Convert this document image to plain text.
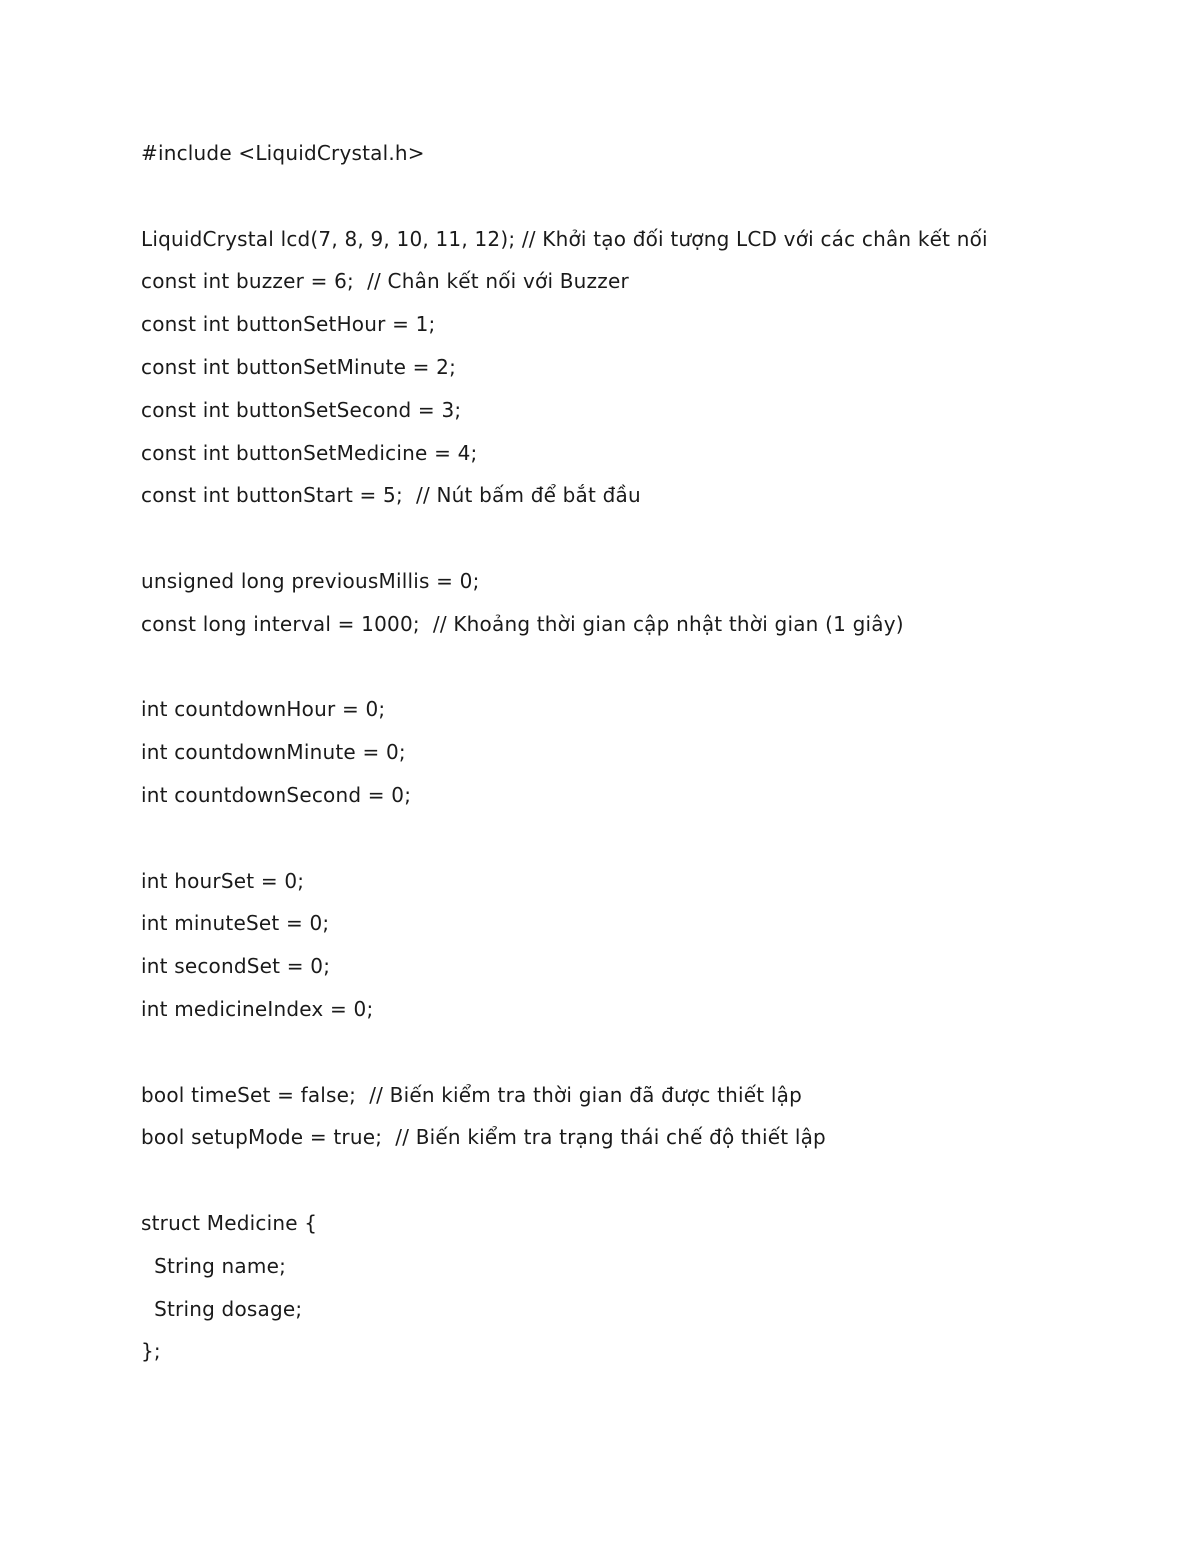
#include <LiquidCrystal.h>
LiquidCrystal lcd(7, 8, 9, 10, 11, 12); // Khởi tạo đối tượng LCD với các chân kết nối
const int buzzer = 6;  // Chân kết nối với Buzzer
const int buttonSetHour = 1;
const int buttonSetMinute = 2;
const int buttonSetSecond = 3;
const int buttonSetMedicine = 4;
const int buttonStart = 5;  // Nút bấm để bắt đầu
unsigned long previousMillis = 0;
const long interval = 1000;  // Khoảng thời gian cập nhật thời gian (1 giây)
int countdownHour = 0;
int countdownMinute = 0;
int countdownSecond = 0;
int hourSet = 0;
int minuteSet = 0;
int secondSet = 0;
int medicineIndex = 0;
bool timeSet = false;  // Biến kiểm tra thời gian đã được thiết lập
bool setupMode = true;  // Biến kiểm tra trạng thái chế độ thiết lập
struct Medicine {
String name;
String dosage;
};
